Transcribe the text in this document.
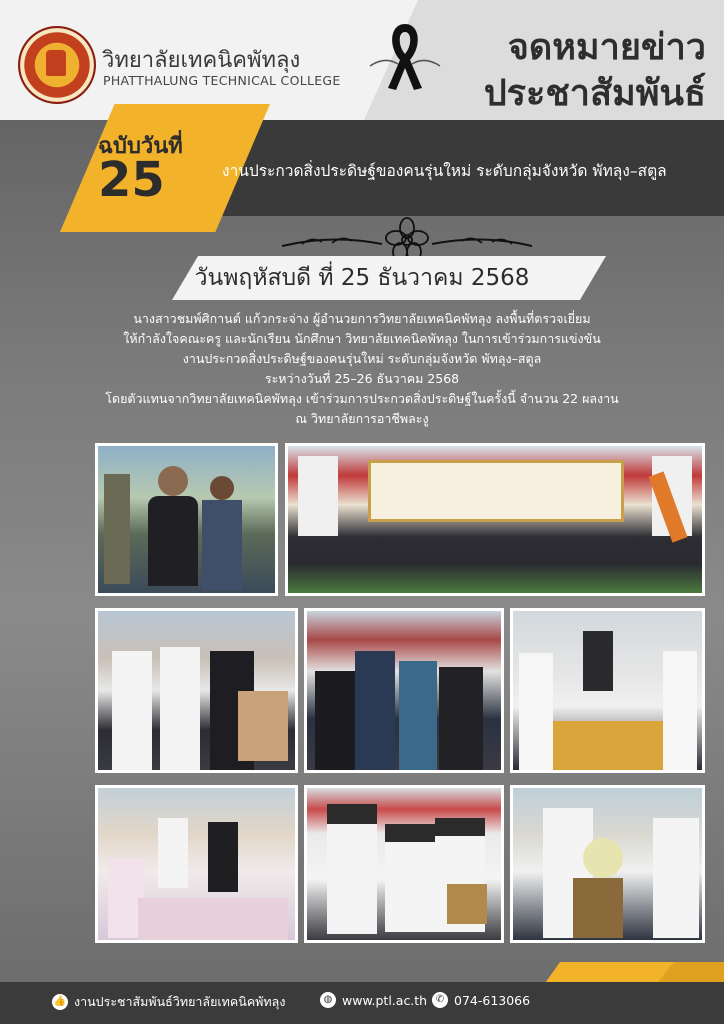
วิทยาลัยเทคนิคพัทลุง
PHATTHALUNG TECHNICAL COLLEGE
จดหมายข่าว
ประชาสัมพันธ์
ฉบับวันที่
25	งานประกวดสิ่งประดิษฐ์ของคนรุ่นใหม่ ระดับกลุ่มจังหวัด พัทลุง–สตูล
วันพฤหัสบดี ที่ 25 ธันวาคม 2568
นางสาวชมพ์ศิกานต์ แก้วกระจ่าง ผู้อำนวยการวิทยาลัยเทคนิคพัทลุง ลงพื้นที่ตรวจเยี่ยม
ให้กำลังใจคณะครู และนักเรียน นักศึกษา วิทยาลัยเทคนิคพัทลุง ในการเข้าร่วมการแข่งขัน
งานประกวดสิ่งประดิษฐ์ของคนรุ่นใหม่ ระดับกลุ่มจังหวัด พัทลุง–สตูล
ระหว่างวันที่ 25–26 ธันวาคม 2568
โดยตัวแทนจากวิทยาลัยเทคนิคพัทลุง เข้าร่วมการประกวดสิ่งประดิษฐ์ในครั้งนี้ จำนวน 22 ผลงาน
ณ วิทยาลัยการอาชีพละงู
👍 งานประชาสัมพันธ์วิทยาลัยเทคนิคพัทลุง	◍ www.ptl.ac.th ✆ 074-613066
